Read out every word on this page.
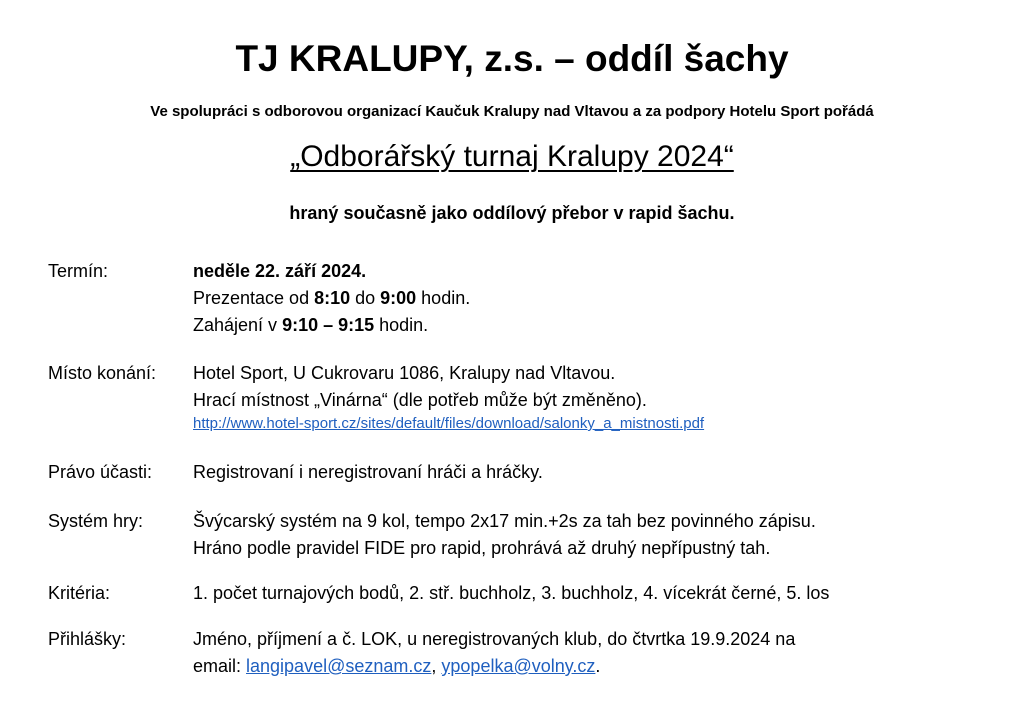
TJ KRALUPY, z.s. – oddíl šachy
Ve spolupráci s odborovou organizací Kaučuk Kralupy nad Vltavou a za podpory Hotelu Sport pořádá
„Odborářský turnaj Kralupy 2024“
hraný současně jako oddílový přebor v rapid šachu.
Termín:	neděle 22. září 2024.
Prezentace od 8:10 do 9:00 hodin.
Zahájení v 9:10 – 9:15 hodin.
Místo konání:	Hotel Sport, U Cukrovaru 1086, Kralupy nad Vltavou.
Hrací místnost „Vinárna“ (dle potřeb může být změněno).
http://www.hotel-sport.cz/sites/default/files/download/salonky_a_mistnosti.pdf
Právo účasti:	Registrovaní i neregistrovaní hráči a hráčky.
Systém hry:	Švýcarský systém na 9 kol, tempo 2x17 min.+2s za tah bez povinného zápisu.
Hráno podle pravidel FIDE pro rapid, prohrává až druhý nepřípustný tah.
Kritéria:	1. počet turnajových bodů, 2. stř. buchholz, 3. buchholz, 4. vícekrát černé, 5. los
Přihlášky:	Jméno, příjmení a č. LOK, u neregistrovaných klub, do čtvrtka 19.9.2024 na
email: langipavel@seznam.cz, ypopelka@volny.cz.
